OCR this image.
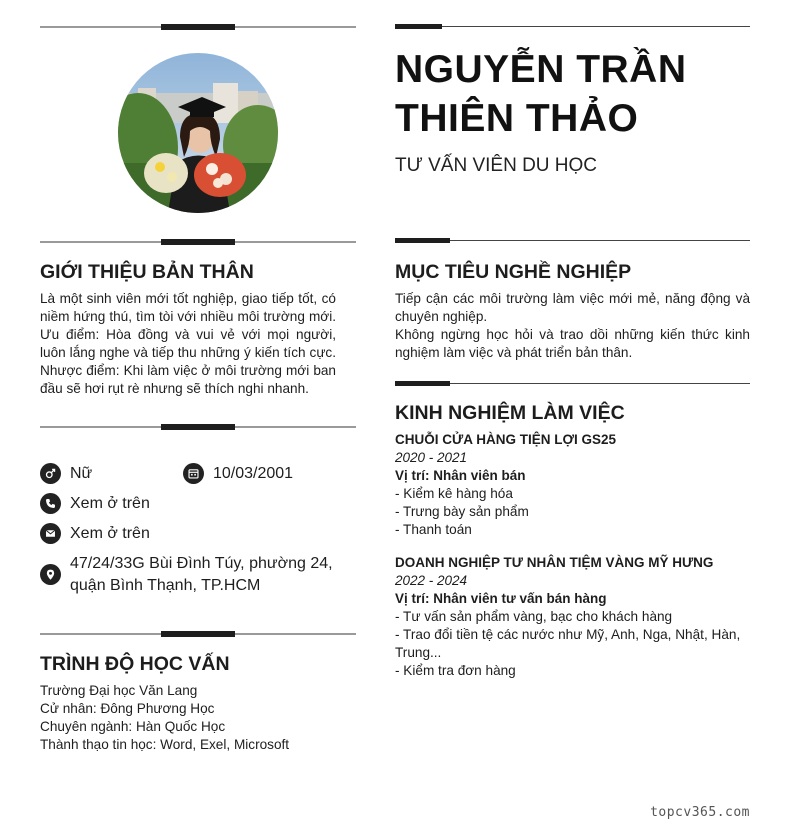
GIỚI THIỆU BẢN THÂN
Là một sinh viên mới tốt nghiệp, giao tiếp tốt, có niềm hứng thú, tìm tòi với nhiều môi trường mới. Ưu điểm: Hòa đồng và vui vẻ với mọi người, luôn lắng nghe và tiếp thu những ý kiến tích cực. Nhược điểm: Khi làm việc ở môi trường mới ban đầu sẽ hơi rụt rè nhưng sẽ thích nghi nhanh.
Nữ	10/03/2001
Xem ở trên
Xem ở trên
47/24/33G Bùi Đình Túy, phường 24, quận Bình Thạnh, TP.HCM
TRÌNH ĐỘ HỌC VẤN
Trường Đại học Văn Lang
Cử nhân: Đông Phương Học
Chuyên ngành: Hàn Quốc Học
Thành thạo tin học: Word, Exel, Microsoft
NGUYỄN TRẦN THIÊN THẢO
TƯ VẤN VIÊN DU HỌC
MỤC TIÊU NGHỀ NGHIỆP
Tiếp cận các môi trường làm việc mới mẻ, năng động và chuyên nghiệp.
Không ngừng học hỏi và trao dồi những kiến thức kinh nghiệm làm việc và phát triển bản thân.
KINH NGHIỆM LÀM VIỆC
CHUỖI CỬA HÀNG TIỆN LỢI GS25
2020 - 2021
Vị trí: Nhân viên bán
- Kiểm kê hàng hóa
- Trưng bày sản phẩm
- Thanh toán
DOANH NGHIỆP TƯ NHÂN TIỆM VÀNG MỸ HƯNG
2022 - 2024
Vị trí: Nhân viên tư vấn bán hàng
- Tư vấn sản phẩm vàng, bạc cho khách hàng
- Trao đổi tiền tệ các nước như Mỹ, Anh, Nga, Nhật, Hàn, Trung...
- Kiểm tra đơn hàng
topcv365.com
